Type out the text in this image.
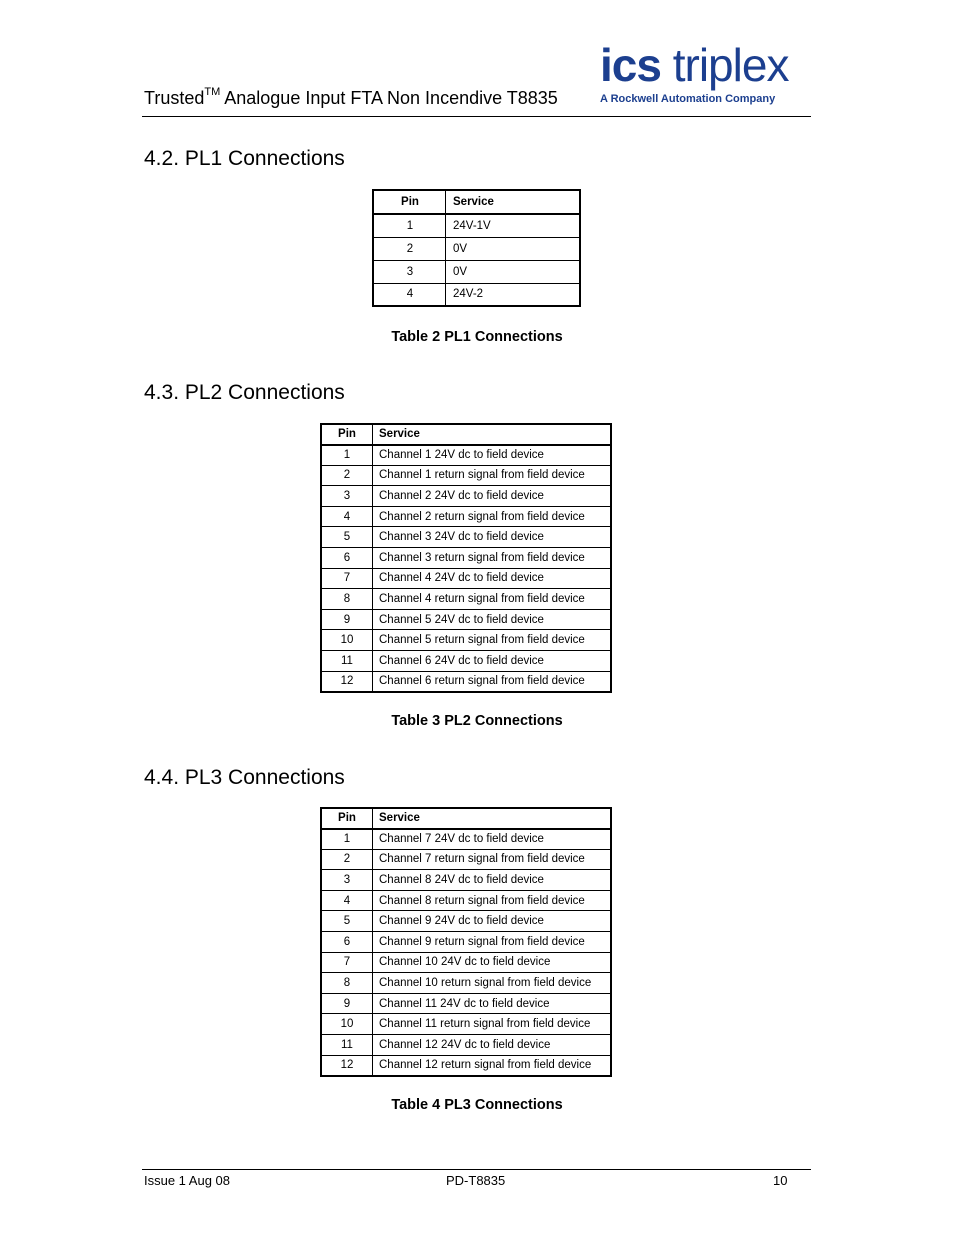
Trusted™ Analogue Input FTA Non Incendive T8835
ics triplex
A Rockwell Automation Company
4.2. PL1 Connections
Pin	Service
1	24V-1V
2	0V
3	0V
4	24V-2
Table 2 PL1 Connections
4.3. PL2 Connections
Pin	Service
1	Channel 1 24V dc to field device
2	Channel 1 return signal from field device
3	Channel 2 24V dc to field device
4	Channel 2 return signal from field device
5	Channel 3 24V dc to field device
6	Channel 3 return signal from field device
7	Channel 4 24V dc to field device
8	Channel 4 return signal from field device
9	Channel 5 24V dc to field device
10	Channel 5 return signal from field device
11	Channel 6 24V dc to field device
12	Channel 6 return signal from field device
Table 3 PL2 Connections
4.4. PL3 Connections
Pin	Service
1	Channel 7 24V dc to field device
2	Channel 7 return signal from field device
3	Channel 8 24V dc to field device
4	Channel 8 return signal from field device
5	Channel 9 24V dc to field device
6	Channel 9 return signal from field device
7	Channel 10 24V dc to field device
8	Channel 10 return signal from field device
9	Channel 11 24V dc to field device
10	Channel 11 return signal from field device
11	Channel 12 24V dc to field device
12	Channel 12 return signal from field device
Table 4 PL3 Connections
Issue 1 Aug 08	PD-T8835	10
